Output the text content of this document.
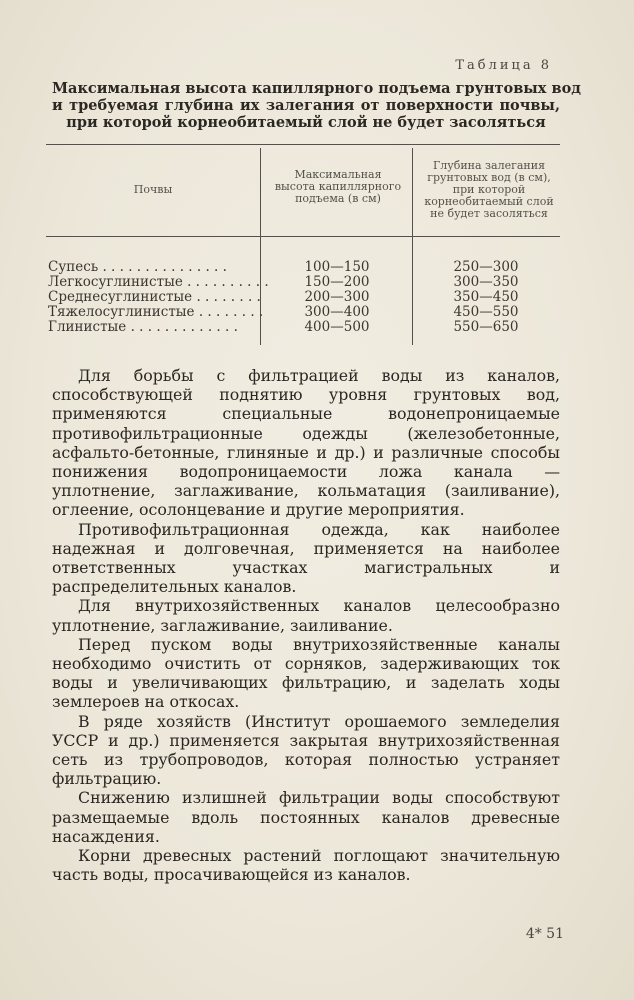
Таблица 8
Максимальная высота капиллярного подъема грунтовых вод
и требуемая глубина их залегания от поверхности почвы,
при которой корнеобитаемый слой не будет засоляться
Почвы
Максимальная высота капиллярного подъема (в см)
Глубина залегания грунтовых вод (в см), при которой корнеобитаемый слой не будет засоляться
Супесь . . . . . . . . . . . . . . .	100—150	250—300
Легкосуглинистые . . . . . . . . . .	150—200	300—350
Среднесуглинистые . . . . . . . .	200—300	350—450
Тяжелосуглинистые . . . . . . . .	300—400	450—550
Глинистые . . . . . . . . . . . . .	400—500	550—650

Для борьбы с фильтрацией воды из каналов, способствующей поднятию уровня грунтовых вод, применяются специальные водонепроницаемые противофильтрационные одежды (железобетонные, асфальто-бетонные, глиняные и др.) и различные способы понижения водопроницаемости ложа канала — уплотнение, заглаживание, кольматация (заиливание), оглеение, осолонцевание и другие мероприятия.

Противофильтрационная одежда, как наиболее надежная и долговечная, применяется на наиболее ответственных участках магистральных и распределительных каналов.

Для внутрихозяйственных каналов целесообразно уплотнение, заглаживание, заиливание.

Перед пуском воды внутрихозяйственные каналы необходимо очистить от сорняков, задерживающих ток воды и увеличивающих фильтрацию, и заделать ходы землероев на откосах.

В ряде хозяйств (Институт орошаемого земледелия УССР и др.) применяется закрытая внутрихозяйственная сеть из трубопроводов, которая полностью устраняет фильтрацию.

Снижению излишней фильтрации воды способствуют размещаемые вдоль постоянных каналов древесные насаждения.

Корни древесных растений поглощают значительную часть воды, просачивающейся из каналов.

4* 51
